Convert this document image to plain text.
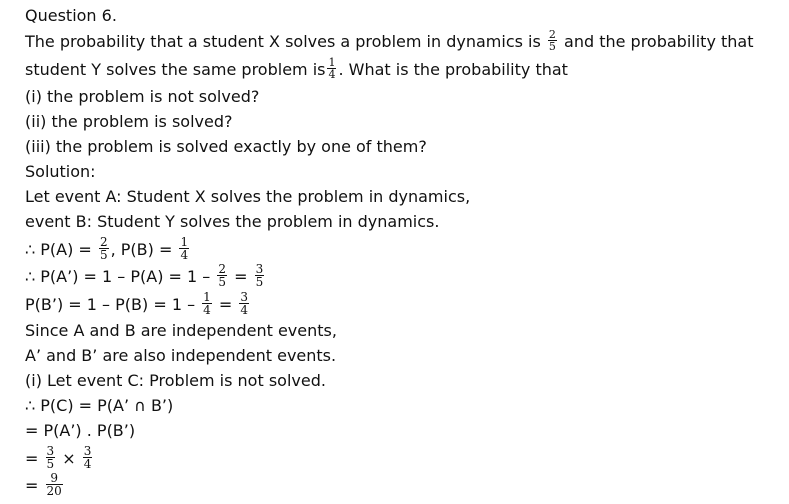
Question 6.
The probability that a student X solves a problem in dynamics is $\frac{2}{5}$ and the probability that
student Y solves the same problem is $\frac{1}{4}$ . What is the probability that
(i) the problem is not solved?
(ii) the problem is solved?
(iii) the problem is solved exactly by one of them?
Solution:
Let event A: Student X solves the problem in dynamics,
event B: Student Y solves the problem in dynamics.
∴ $P(A) = \frac{2}{5}$ , $P(B) = \frac{1}{4}$
∴ P(A’) = $1 - P(A) = 1 - \frac{2}{5} = \frac{3}{5}$
P(B’) = $1 - P(B) = 1 - \frac{1}{4} = \frac{3}{4}$
Since A and B are independent events,
A’ and B’ are also independent events.
(i) Let event C: Problem is not solved.
∴ P(C) = P(A’ ∩ B’)
= P(A’) . P(B’)
= $\frac{3}{5} \times \frac{3}{4}$
= $\frac{9}{20}$
